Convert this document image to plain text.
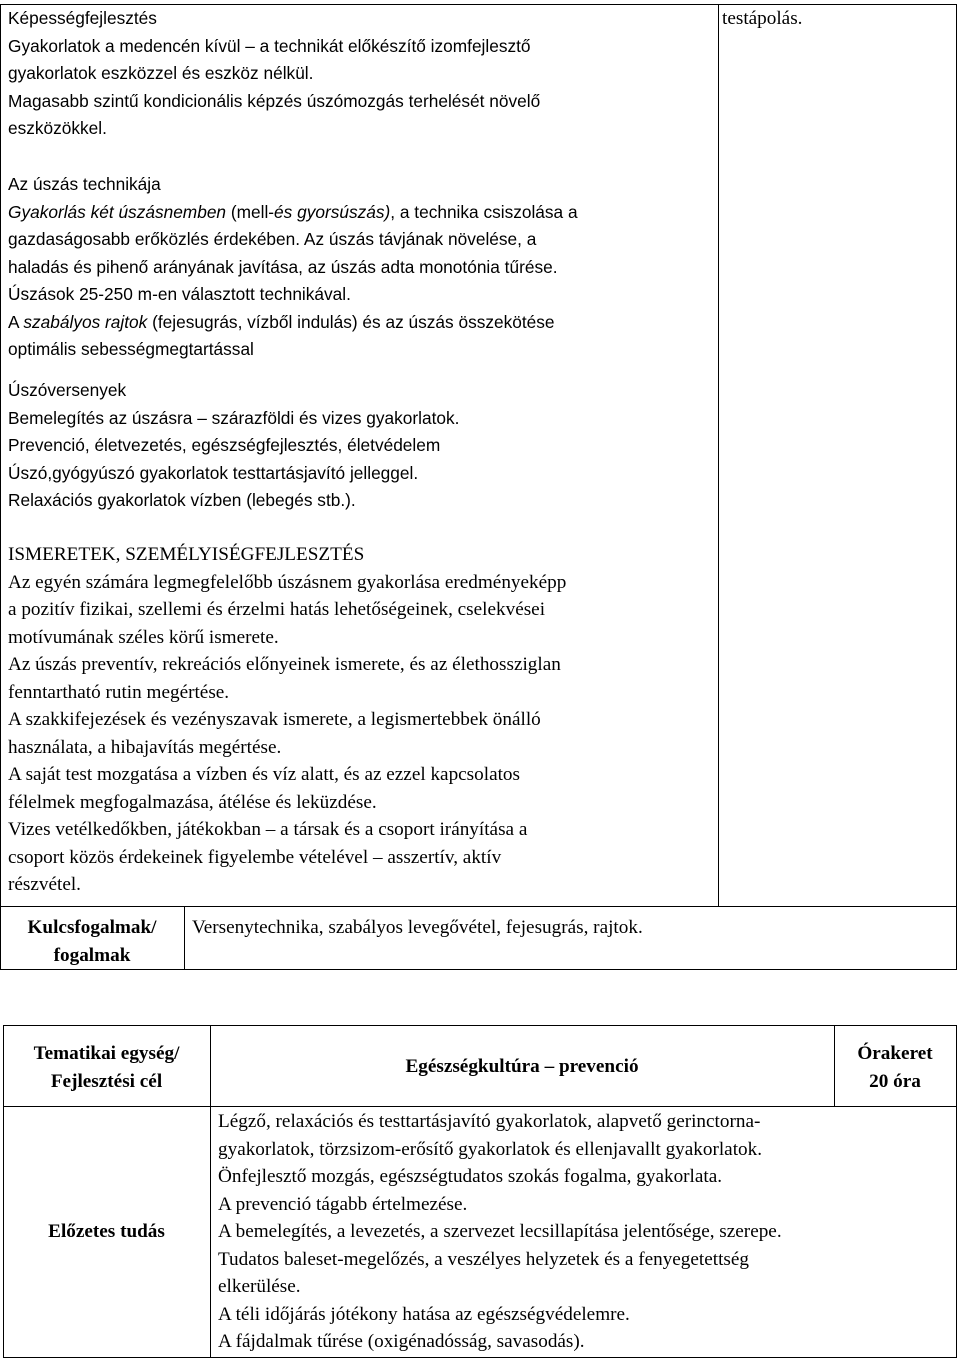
Képességfejlesztés
Gyakorlatok a medencén kívül – a technikát előkészítő izomfejlesztő
gyakorlatok eszközzel és eszköz nélkül.
Magasabb szintű kondicionális képzés úszómozgás terhelését növelő
eszközökkel.
Az úszás technikája
Gyakorlás két úszásnemben (mell-és gyorsúszás), a technika csiszolása a
gazdaságosabb erőközlés érdekében. Az úszás távjának növelése, a
haladás és pihenő arányának javítása, az úszás adta monotónia tűrése.
Úszások 25-250 m-en választott technikával.
A szabályos rajtok (fejesugrás, vízből indulás) és az úszás összekötése
optimális sebességmegtartással
Úszóversenyek
Bemelegítés az úszásra – szárazföldi és vizes gyakorlatok.
Prevenció, életvezetés, egészségfejlesztés, életvédelem
Úszó,gyógyúszó gyakorlatok testtartásjavító jelleggel.
Relaxációs gyakorlatok vízben (lebegés stb.).
ISMERETEK, SZEMÉLYISÉGFEJLESZTÉS
Az egyén számára legmegfelelőbb úszásnem gyakorlása eredményeképp
a pozitív fizikai, szellemi és érzelmi hatás lehetőségeinek, cselekvései
motívumának széles körű ismerete.
Az úszás preventív, rekreációs előnyeinek ismerete, és az élethossziglan
fenntartható rutin megértése.
A szakkifejezések és vezényszavak ismerete, a legismertebbek önálló
használata, a hibajavítás megértése.
A saját test mozgatása a vízben és víz alatt, és az ezzel kapcsolatos
félelmek megfogalmazása, átélése és leküzdése.
Vizes vetélkedőkben, játékokban – a társak és a csoport irányítása a
csoport közös érdekeinek figyelembe vételével – asszertív, aktív
részvétel.
testápolás.
Kulcsfogalmak/
fogalmak
Versenytechnika, szabályos levegővétel, fejesugrás, rajtok.
Tematikai egység/
Fejlesztési cél
Egészségkultúra – prevenció
Órakeret
20 óra
Előzetes tudás
Légző, relaxációs és testtartásjavító gyakorlatok, alapvető gerinctorna-
gyakorlatok, törzsizom-erősítő gyakorlatok és ellenjavallt gyakorlatok.
Önfejlesztő mozgás, egészségtudatos szokás fogalma, gyakorlata.
A prevenció tágabb értelmezése.
A bemelegítés, a levezetés, a szervezet lecsillapítása jelentősége, szerepe.
Tudatos baleset-megelőzés, a veszélyes helyzetek és a fenyegetettség
elkerülése.
A téli időjárás jótékony hatása az egészségvédelemre.
A fájdalmak tűrése (oxigénadósság, savasodás).
